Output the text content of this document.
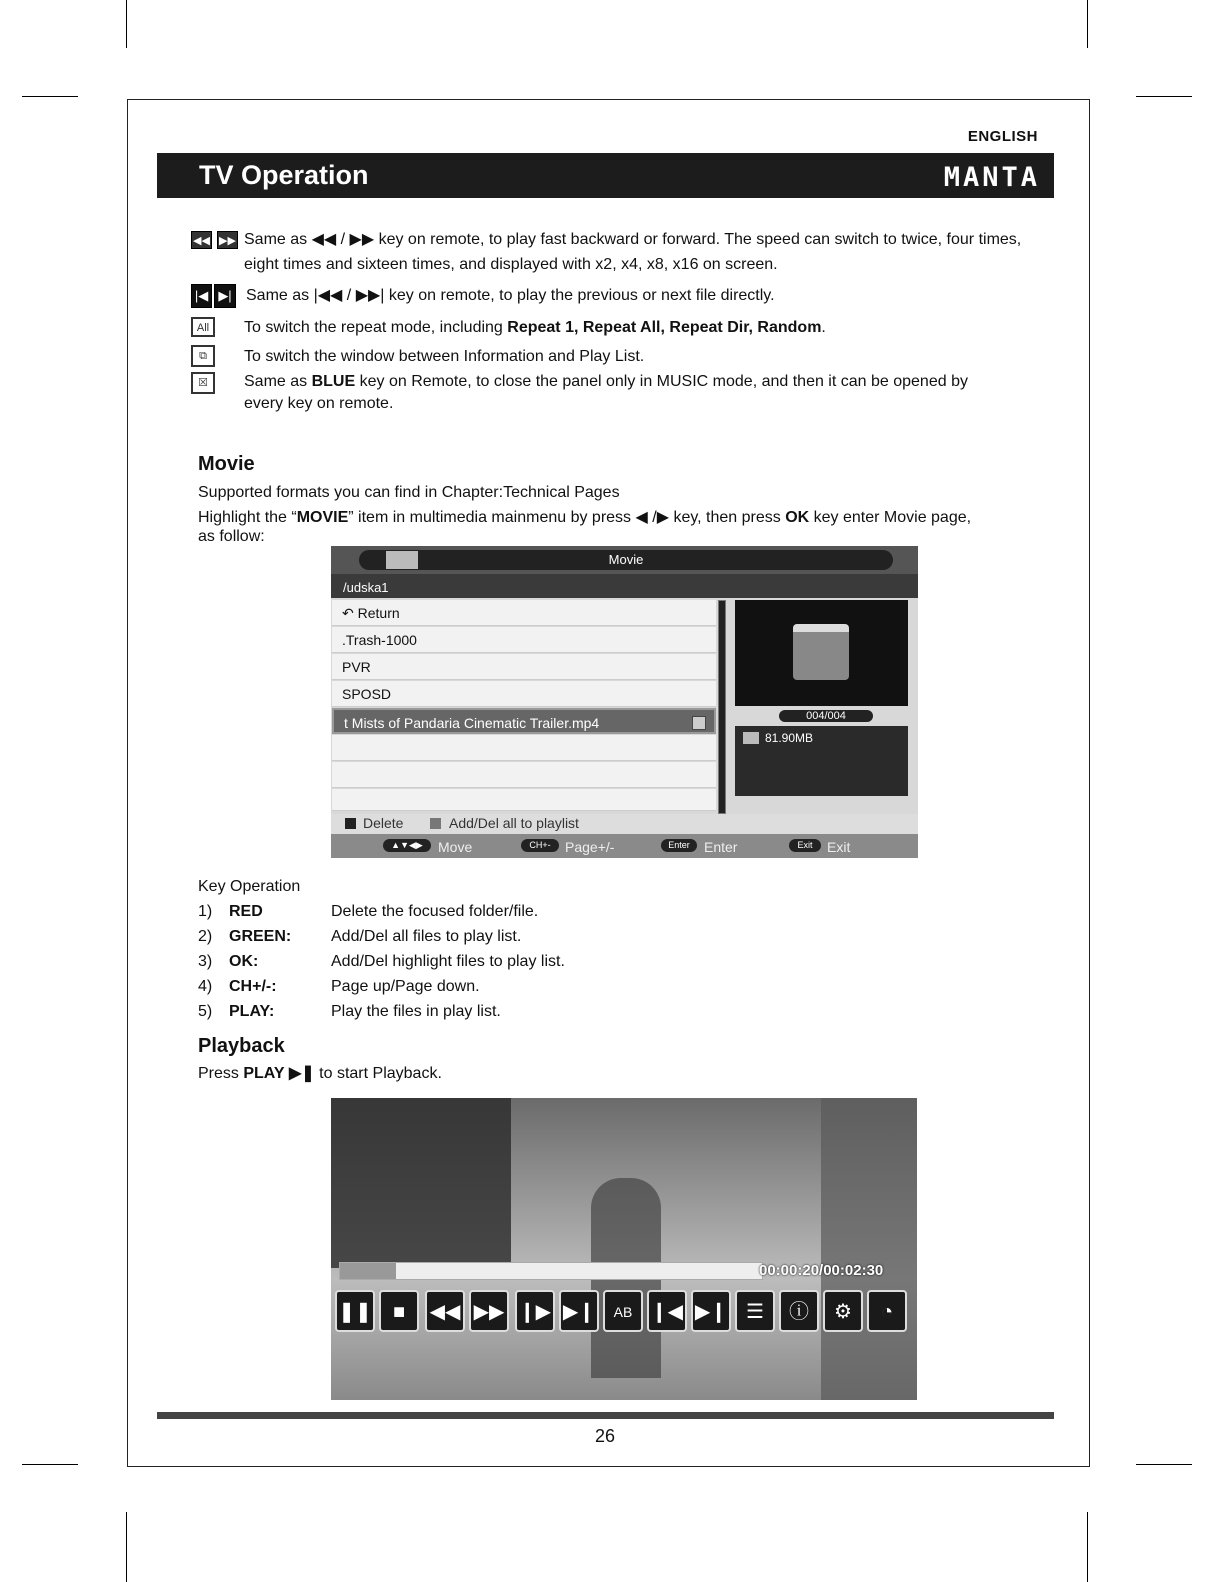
ENGLISH
TV Operation	MANTA
◀◀ ▶▶ Same as ◀◀ / ▶▶ key on remote, to play fast backward or forward. The speed can switch to twice, four times,
eight times and sixteen times, and displayed with x2, x4, x8, x16 on screen.
|◀ ▶| Same as |◀◀ / ▶▶| key on remote, to play the previous or next file directly.
All	To switch the repeat mode, including Repeat 1, Repeat All, Repeat Dir, Random.
⧉	To switch the window between Information and Play List.
☒	Same as BLUE key on Remote, to close the panel only in MUSIC mode, and then it can be opened by
every key on remote.
Movie
Supported formats you can find in Chapter:Technical Pages
Highlight the “MOVIE” item in multimedia mainmenu by press ◀ /▶ key, then press OK key enter Movie page,
as follow:
Movie
/udska1
↶ Return
.Trash-1000
PVR
SPOSD
t Mists of Pandaria Cinematic Trailer.mp4	004/004
81.90MB
Delete	Add/Del all to playlist
▲▼◀▶	Move	CH+-	Page+/-	Enter	Enter	Exit	Exit
Key Operation
1) RED	Delete the focused folder/file.
2) GREEN: Add/Del all files to play list.
3) OK:	Add/Del highlight files to play list.
4) CH+/-:	Page up/Page down.
5) PLAY:	Play the files in play list.
Playback
Press PLAY ▶❚ to start Playback.
00:00:20/00:02:30
❚❚	■	◀◀ ▶▶ ❙▶ ▶❙	AB ❙◀ ▶❙ ☰	ⓘ	⚙	◔
26
